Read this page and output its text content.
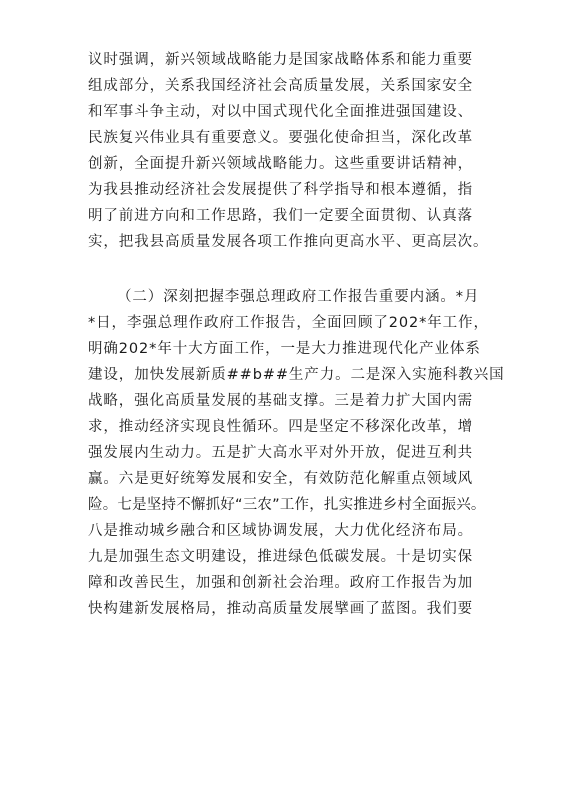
议时强调，新兴领域战略能力是国家战略体系和能力重要
组成部分，关系我国经济社会高质量发展，关系国家安全
和军事斗争主动，对以中国式现代化全面推进强国建设、
民族复兴伟业具有重要意义。要强化使命担当，深化改革
创新，全面提升新兴领域战略能力。这些重要讲话精神，
为我县推动经济社会发展提供了科学指导和根本遵循，指
明了前进方向和工作思路，我们一定要全面贯彻、认真落
实，把我县高质量发展各项工作推向更高水平、更高层次。
（二）深刻把握李强总理政府工作报告重要内涵。*月
*日，李强总理作政府工作报告，全面回顾了202*年工作，
明确202*年十大方面工作，一是大力推进现代化产业体系
建设，加快发展新质##b##生产力。二是深入实施科教兴国
战略，强化高质量发展的基础支撑。三是着力扩大国内需
求，推动经济实现良性循环。四是坚定不移深化改革，增
强发展内生动力。五是扩大高水平对外开放，促进互利共
赢。六是更好统筹发展和安全，有效防范化解重点领域风
险。七是坚持不懈抓好“三农”工作，扎实推进乡村全面振兴。
八是推动城乡融合和区域协调发展，大力优化经济布局。
九是加强生态文明建设，推进绿色低碳发展。十是切实保
障和改善民生，加强和创新社会治理。政府工作报告为加
快构建新发展格局，推动高质量发展擘画了蓝图。我们要
